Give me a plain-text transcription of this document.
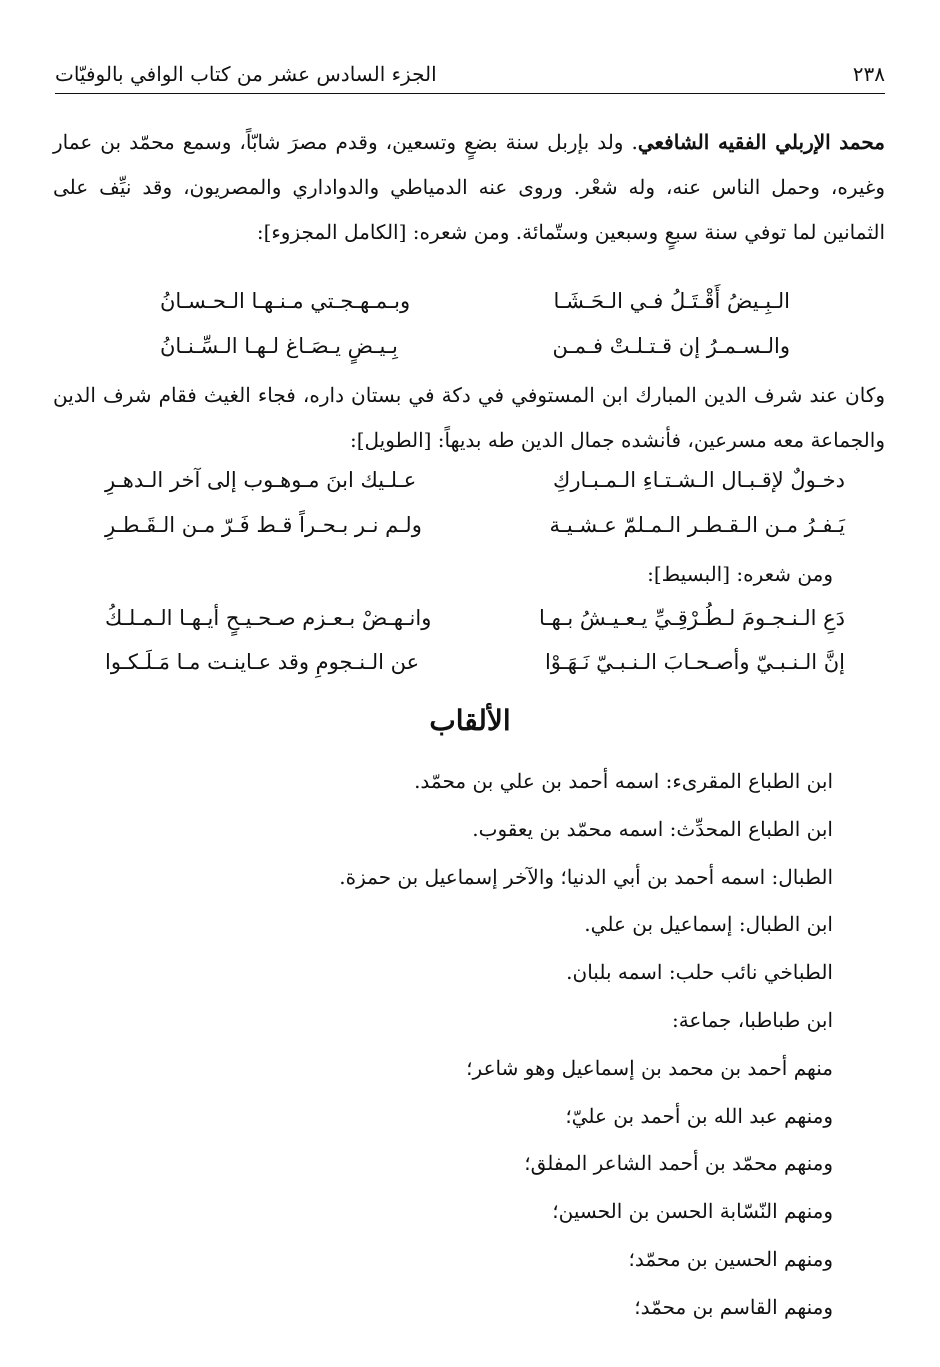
٢٣٨
الجزء السادس عشر من كتاب الوافي بالوفيّات

محمد الإربلي الفقيه الشافعي. ولد بإربل سنة بضعٍ وتسعين، وقدم مصرَ شابّاً، وسمع محمّد بن عمار وغيره، وحمل الناس عنه، وله شعْر. وروى عنه الدمياطي والدواداري والمصريون، وقد نيِّف على الثمانين لما توفي سنة سبعٍ وسبعين وستّمائة. ومن شعره: [الكامل المجزوء]:

الـبِـيضُ أَقْـتَـلُ فـي الـحَـشَـا
وبـمـهـجـتي مـنـهـا الـحـسـانُ
والـسـمـرُ إن قـتـلـتْ فـمـن
بِـيـضٍ يـصَـاغ لـهـا الـسِّـنـانُ

وكان عند شرف الدين المبارك ابن المستوفي في دكة في بستان داره، فجاء الغيث فقام شرف الدين والجماعة معه مسرعين، فأنشده جمال الدين طه بديهاً: [الطويل]:

دخـولٌ لإقـبـال الـشـتـاءِ الـمـبـاركِ
عـلـيك ابنَ مـوهـوب إلى آخر الـدهـرِ
يَـفـرُ مـن الـقـطـر الـمـلمّ عـشـيـة
ولـم نـر بـحـراً قـط فَـرّ مـن الـقَـطـرِ

ومن شعره: [البسيط]:

دَعِ الـنـجـومَ لـطُـرْقِـيِّ يـعـيـشُ بـهـا
وانـهـضْ بـعـزم صـحـيـحٍ أيـهـا الـمـلـكُ
إنَّ الـنـبـيّ وأصـحـابَ الـنـبـيّ نَـهَـوْا
عن الـنـجومِ وقد عـاينـت مـا مَـلَـكـوا
الألقاب
ابن الطباع المقرىء: اسمه أحمد بن علي بن محمّد.
ابن الطباع المحدِّث: اسمه محمّد بن يعقوب.
الطبال: اسمه أحمد بن أبي الدنيا؛ والآخر إسماعيل بن حمزة.
ابن الطبال: إسماعيل بن علي.
الطباخي نائب حلب: اسمه بلبان.
ابن طباطبا، جماعة:
منهم أحمد بن محمد بن إسماعيل وهو شاعر؛
ومنهم عبد الله بن أحمد بن عليّ؛
ومنهم محمّد بن أحمد الشاعر المفلق؛
ومنهم النّسّابة الحسن بن الحسين؛
ومنهم الحسين بن محمّد؛
ومنهم القاسم بن محمّد؛
